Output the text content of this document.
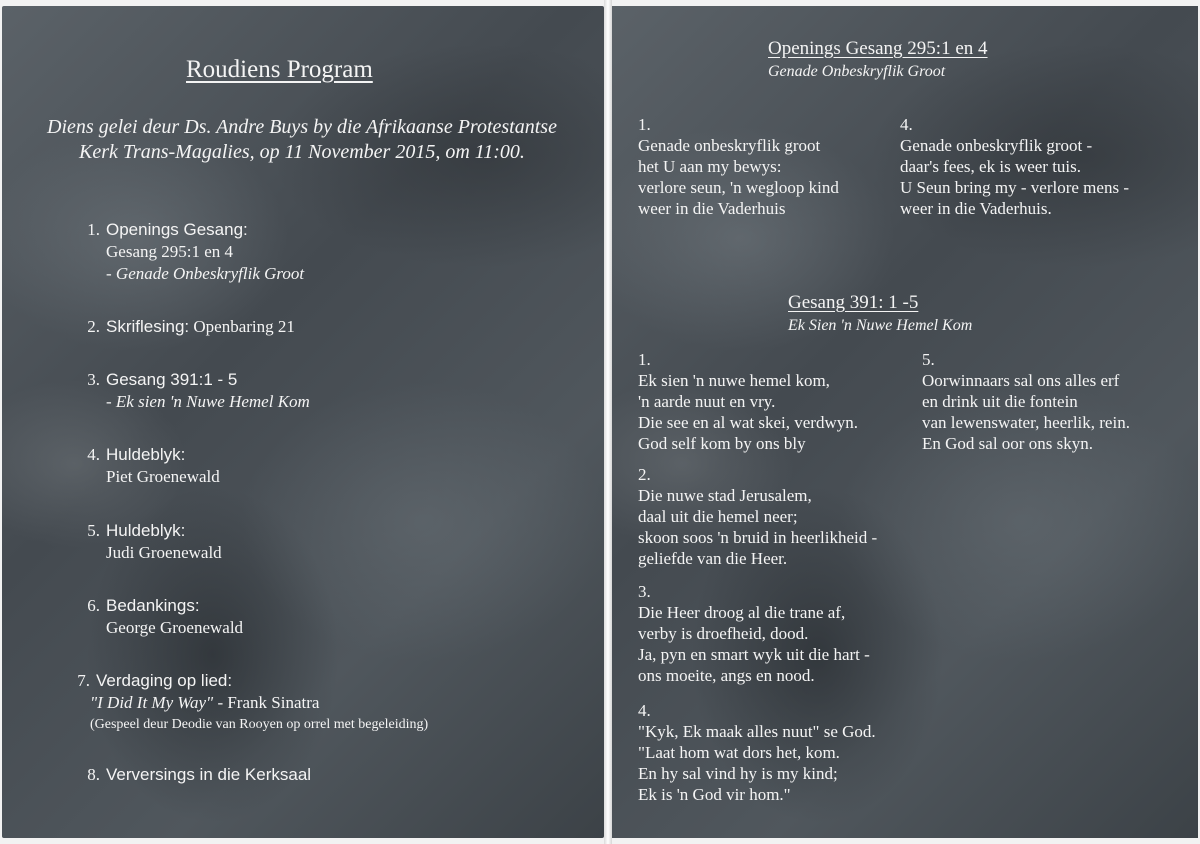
Roudiens Program
Diens gelei deur Ds. Andre Buys by die Afrikaanse Protestantse Kerk Trans-Magalies, op 11 November 2015, om 11:00.
1. Openings Gesang:
Gesang 295:1 en 4
- Genade Onbeskryflik Groot
2. Skriflesing: Openbaring 21
3. Gesang 391:1 - 5
- Ek sien 'n Nuwe Hemel Kom
4. Huldeblyk:
Piet Groenewald
5. Huldeblyk:
Judi Groenewald
6. Bedankings:
George Groenewald
7. Verdaging op lied:
"I Did It My Way" - Frank Sinatra
(Gespeel deur Deodie van Rooyen op orrel met begeleiding)
8. Verversings in die Kerksaal
Openings Gesang 295:1 en 4
Genade Onbeskryflik Groot
1.
Genade onbeskryflik groot
het U aan my bewys:
verlore seun, 'n wegloop kind
weer in die Vaderhuis
4.
Genade onbeskryflik groot -
daar's fees, ek is weer tuis.
U Seun bring my - verlore mens -
weer in die Vaderhuis.
Gesang 391: 1 -5
Ek Sien 'n Nuwe Hemel Kom
1.
Ek sien 'n nuwe hemel kom,
'n aarde nuut en vry.
Die see en al wat skei, verdwyn.
God self kom by ons bly
5.
Oorwinnaars sal ons alles erf
en drink uit die fontein
van lewenswater, heerlik, rein.
En God sal oor ons skyn.
2.
Die nuwe stad Jerusalem,
daal uit die hemel neer;
skoon soos 'n bruid in heerlikheid -
geliefde van die Heer.
3.
Die Heer droog al die trane af,
verby is droefheid, dood.
Ja, pyn en smart wyk uit die hart -
ons moeite, angs en nood.
4.
"Kyk, Ek maak alles nuut" se God.
"Laat hom wat dors het, kom.
En hy sal vind hy is my kind;
Ek is 'n God vir hom."
